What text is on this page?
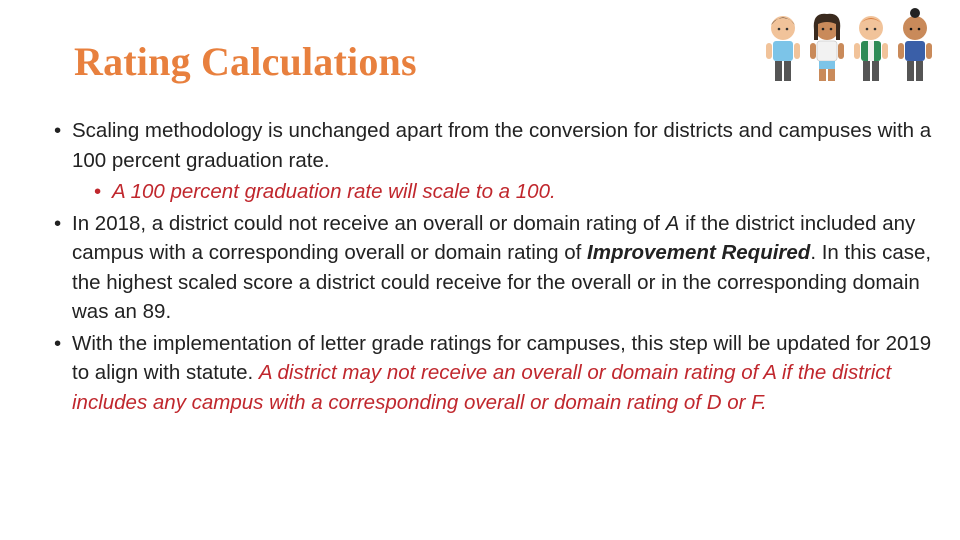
Rating Calculations

• Scaling methodology is unchanged apart from the conversion for districts and campuses with a 100 percent graduation rate.

• A 100 percent graduation rate will scale to a 100.

• In 2018, a district could not receive an overall or domain rating of A if the district included any campus with a corresponding overall or domain rating of Improvement Required. In this case, the highest scaled score a district could receive for the overall or in the corresponding domain was an 89.

• With the implementation of letter grade ratings for campuses, this step will be updated for 2019 to align with statute. A district may not receive an overall or domain rating of A if the district includes any campus with a corresponding overall or domain rating of D or F.
